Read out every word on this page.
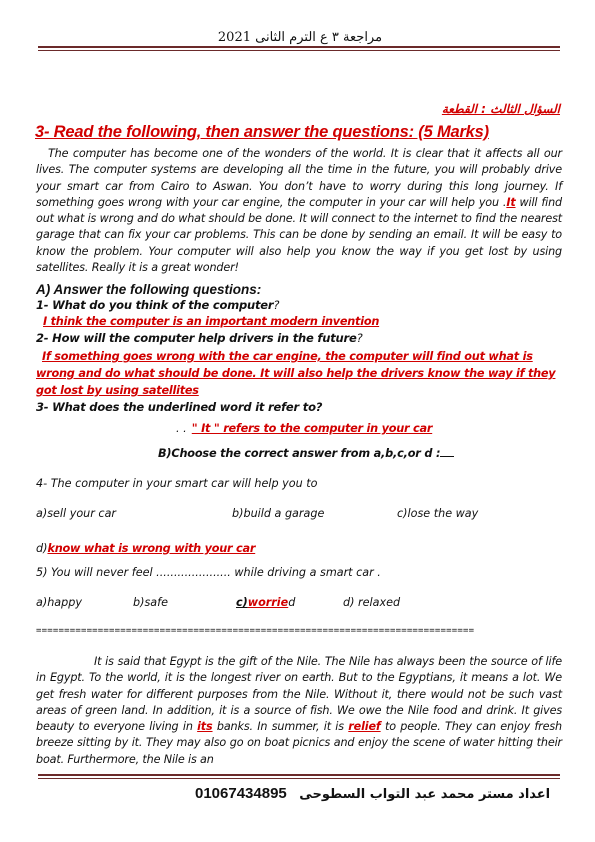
مراجعة ٣ ع الترم الثانى 2021
السؤال الثالث : القطعة
3- Read the following, then answer the questions: (5 Marks)

The computer has become one of the wonders of the world. It is clear that it affects all our lives. The computer systems are developing all the time in the future, you will probably drive your smart car from Cairo to Aswan. You don’t have to worry during this long journey. If something goes wrong with your car engine, the computer in your car will help you .It will find out what is wrong and do what should be done. It will connect to the internet to find the nearest garage that can fix your car problems. This can be done by sending an email. It will be easy to know the problem. Your computer will also help you know the way if you get lost by using satellites. Really it is a great wonder!

A) Answer the following questions:
1- What do you think of the computer?
I think the computer is an important modern invention
2- How will the computer help drivers in the future?
If something goes wrong with the car engine, the computer will find out what is wrong and do what should be done. It will also help the drivers know the way if they got lost by using satellites
3- What does the underlined word it refer to?
. . " It " refers to the computer in your car
B)Choose the correct answer from a,b,c,or d :
4- The computer in your smart car will help you to
a)sell your car	b)build a garage	c)lose the way
d)know what is wrong with your car
5) You will never feel ..................... while driving a smart car .
a)happy	b)safe	c)worried	d) relaxed
==============================================================================

It is said that Egypt is the gift of the Nile. The Nile has always been the source of life in Egypt. To the world, it is the longest river on earth. But to the Egyptians, it means a lot. We get fresh water for different purposes from the Nile. Without it, there would not be such vast areas of green land. In addition, it is a source of fish. We owe the Nile food and drink. It gives beauty to everyone living in its banks. In summer, it is relief to people. They can enjoy fresh breeze sitting by it. They may also go on boat picnics and enjoy the scene of water hitting their boat. Furthermore, the Nile is an

اعداد مستر محمد عبد التواب السطوحى 01067434895
